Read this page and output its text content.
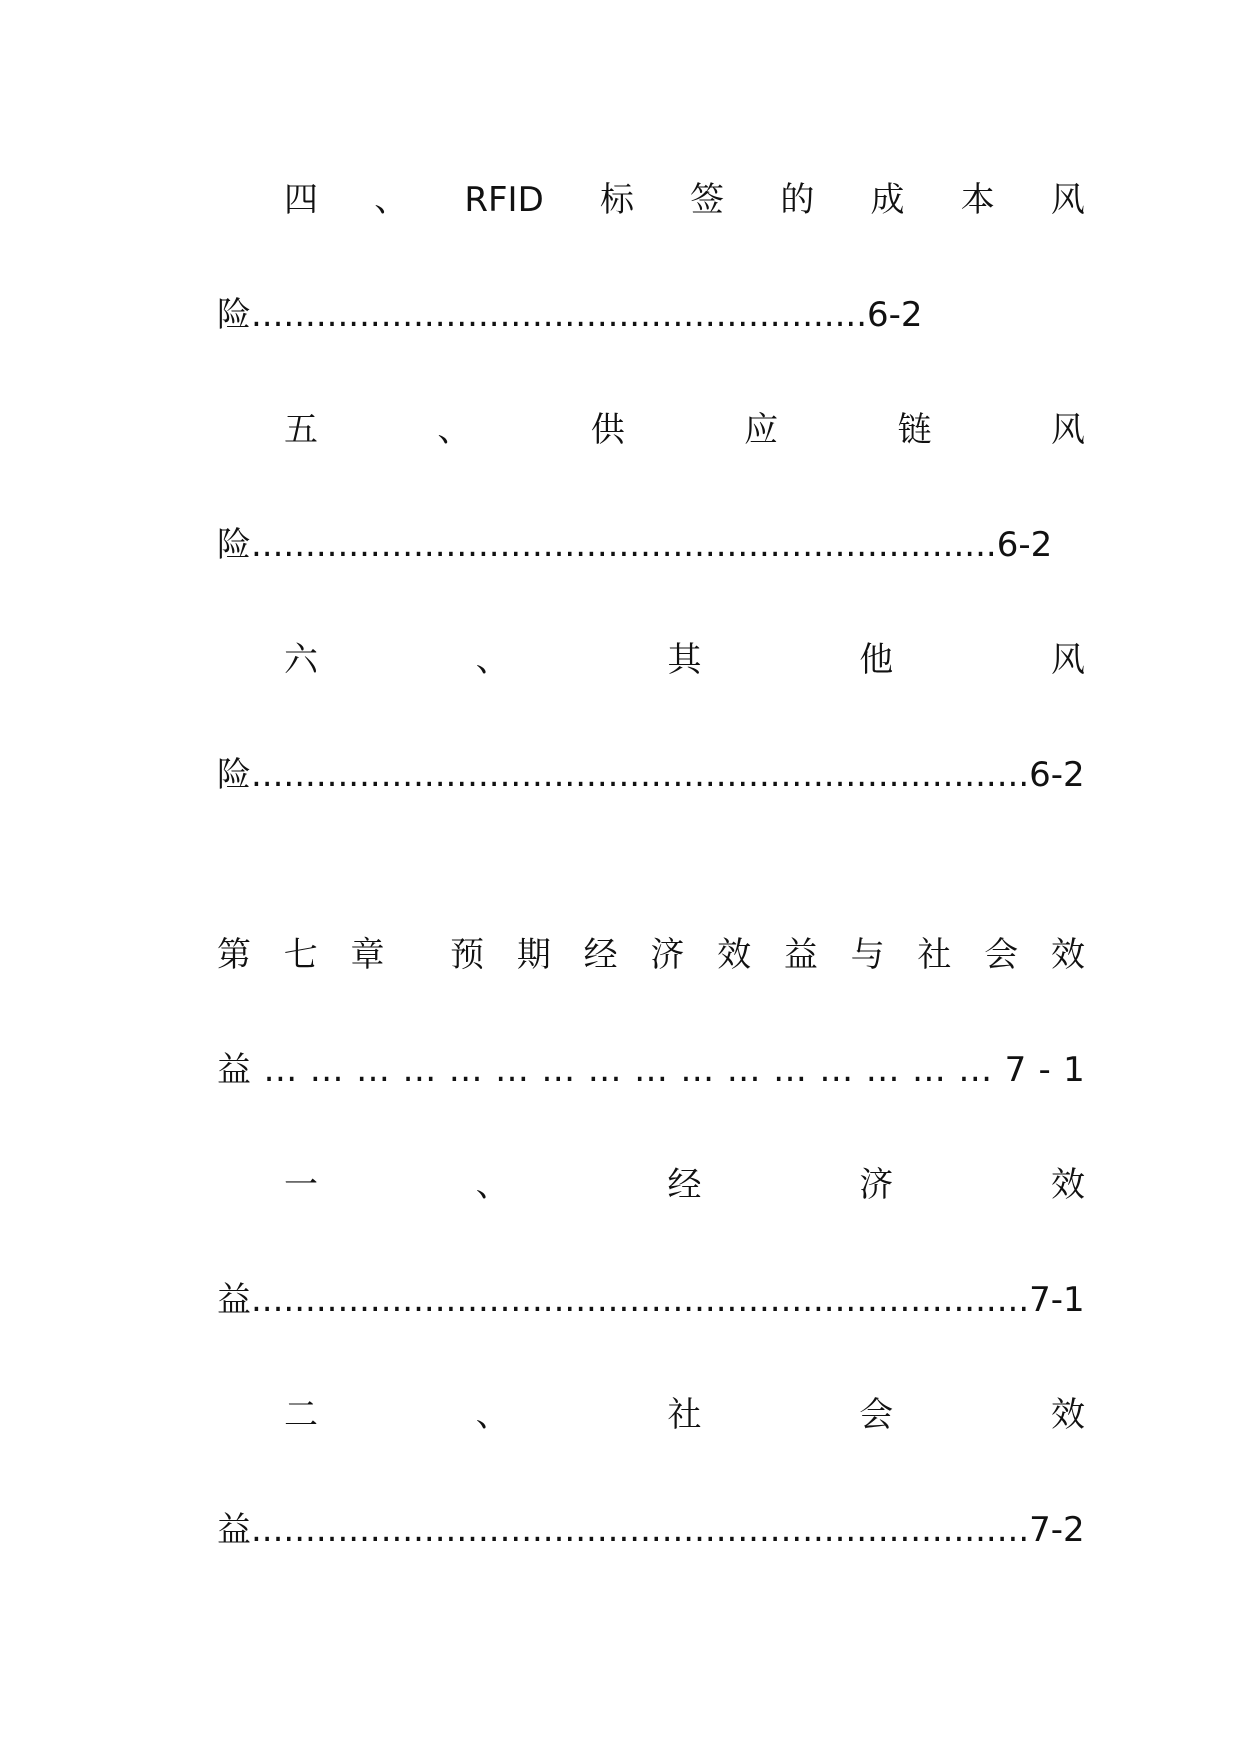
四 、 RFID 标 签 的 成 本 风
险.........................................................6-2
五	、	供	应	链	风
险.....................................................................6-2
六	、	其	他	风
险........................................................................6-2
第 七 章 预 期 经 济 效 益 与 社 会 效
益 … … … … … … … … … … … … … … … … 7 - 1
一	、	经	济	效
益........................................................................7-1
二	、	社	会	效
益........................................................................7-2
